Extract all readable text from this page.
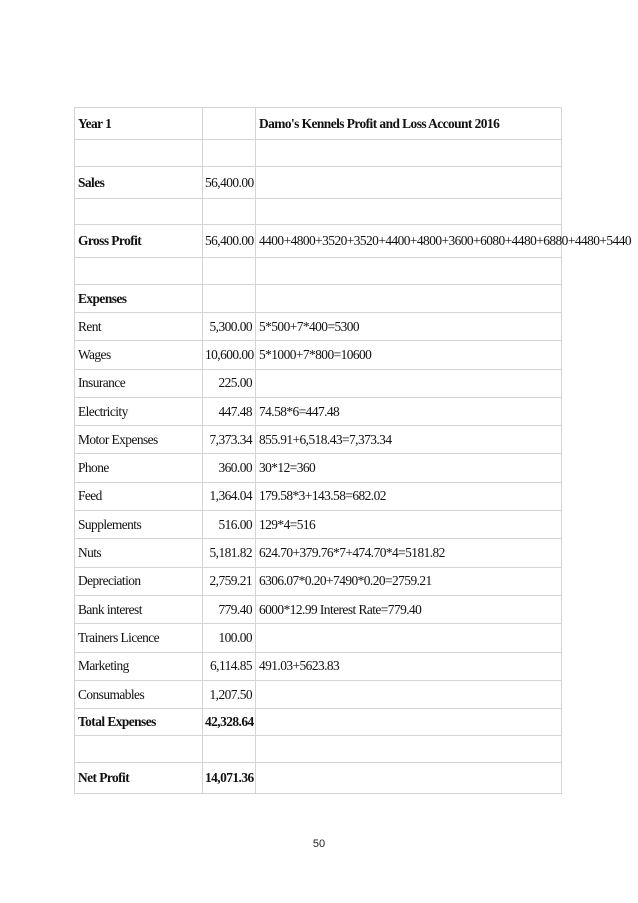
Year 1		Damo's Kennels Profit and Loss Account 2016

Sales	56,400.00	

Gross Profit	56,400.00	4400+4800+3520+3520+4400+4800+3600+6080+4480+6880+4480+5440

Expenses		
Rent	5,300.00	5*500+7*400=5300
Wages	10,600.00	5*1000+7*800=10600
Insurance	225.00	
Electricity	447.48	74.58*6=447.48
Motor Expenses	7,373.34	855.91+6,518.43=7,373.34
Phone	360.00	30*12=360
Feed	1,364.04	179.58*3+143.58=682.02
Supplements	516.00	129*4=516
Nuts	5,181.82	624.70+379.76*7+474.70*4=5181.82
Depreciation	2,759.21	6306.07*0.20+7490*0.20=2759.21
Bank interest	779.40	6000*12.99 Interest Rate=779.40
Trainers Licence	100.00	
Marketing	6,114.85	491.03+5623.83
Consumables	1,207.50	
Total Expenses	42,328.64	

Net Profit	14,071.36	
50
